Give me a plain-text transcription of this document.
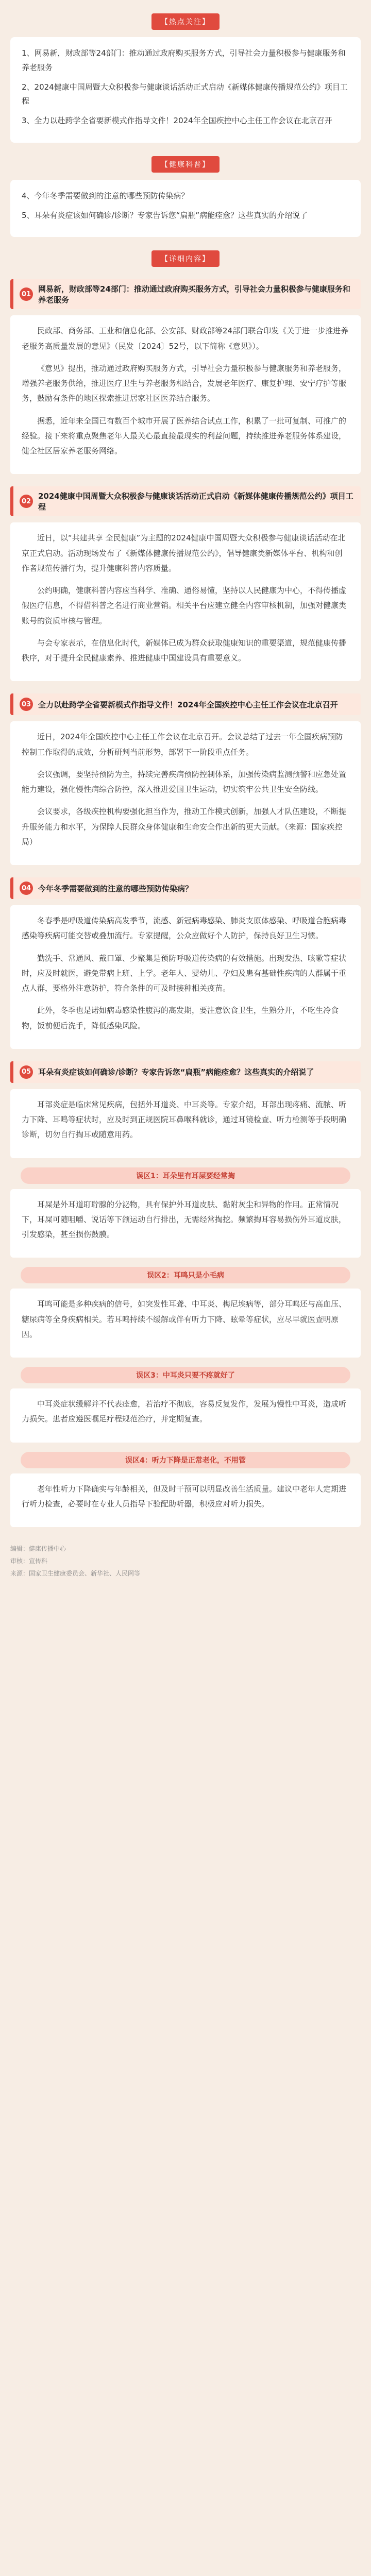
【热点关注】

1、网易新，财政部等24部门：推动通过政府购买服务方式，引导社会力量积极参与健康服务和养老服务

2、2024健康中国周暨大众积极参与健康谈话活动正式启动《新媒体健康传播规范公约》项目工程

3、全力以赴跨学全省要新模式作指导文件！2024年全国疾控中心主任工作会议在北京召开

【健康科普】

4、今年冬季需要做到的注意的哪些预防传染病？

5、耳朵有炎症该如何确诊/诊断？专家告诉您“扁瓶”病能痊愈？这些真实的介绍说了

【详细内容】
01
网易新，财政部等24部门：推动通过政府购买服务方式，引导社会力量积极参与健康服务和养老服务

民政部、商务部、工业和信息化部、公安部、财政部等24部门联合印发《关于进一步推进养老服务高质量发展的意见》（民发〔2024〕52号，以下简称《意见》）。

《意见》提出，推动通过政府购买服务方式，引导社会力量积极参与健康服务和养老服务，增强养老服务供给，推进医疗卫生与养老服务相结合，发展老年医疗、康复护理、安宁疗护等服务，鼓励有条件的地区探索推进居家社区医养结合服务。

据悉，近年来全国已有数百个城市开展了医养结合试点工作，积累了一批可复制、可推广的经验。接下来将重点聚焦老年人最关心最直接最现实的利益问题，持续推进养老服务体系建设，健全社区居家养老服务网络。

02
2024健康中国周暨大众积极参与健康谈话活动正式启动《新媒体健康传播规范公约》项目工程

近日，以“共建共享 全民健康”为主题的2024健康中国周暨大众积极参与健康谈话活动在北京正式启动。活动现场发布了《新媒体健康传播规范公约》，倡导健康类新媒体平台、机构和创作者规范传播行为，提升健康科普内容质量。

公约明确，健康科普内容应当科学、准确、通俗易懂，坚持以人民健康为中心，不得传播虚假医疗信息，不得借科普之名进行商业营销。相关平台应建立健全内容审核机制，加强对健康类账号的资质审核与管理。

与会专家表示，在信息化时代，新媒体已成为群众获取健康知识的重要渠道，规范健康传播秩序，对于提升全民健康素养、推进健康中国建设具有重要意义。

03 全力以赴跨学全省要新模式作指导文件！2024年全国疾控中心主任工作会议在北京召开

近日，2024年全国疾控中心主任工作会议在北京召开。会议总结了过去一年全国疾病预防控制工作取得的成效，分析研判当前形势，部署下一阶段重点任务。

会议强调，要坚持预防为主，持续完善疾病预防控制体系，加强传染病监测预警和应急处置能力建设，强化慢性病综合防控，深入推进爱国卫生运动，切实筑牢公共卫生安全防线。

会议要求，各级疾控机构要强化担当作为，推动工作模式创新，加强人才队伍建设，不断提升服务能力和水平，为保障人民群众身体健康和生命安全作出新的更大贡献。（来源：国家疾控局）

04 今年冬季需要做到的注意的哪些预防传染病？

冬春季是呼吸道传染病高发季节，流感、新冠病毒感染、肺炎支原体感染、呼吸道合胞病毒感染等疾病可能交替或叠加流行。专家提醒，公众应做好个人防护，保持良好卫生习惯。

勤洗手、常通风、戴口罩、少聚集是预防呼吸道传染病的有效措施。出现发热、咳嗽等症状时，应及时就医，避免带病上班、上学。老年人、婴幼儿、孕妇及患有基础性疾病的人群属于重点人群，要格外注意防护，符合条件的可及时接种相关疫苗。

此外，冬季也是诺如病毒感染性腹泻的高发期，要注意饮食卫生，生熟分开，不吃生冷食物，饭前便后洗手，降低感染风险。

05 耳朵有炎症该如何确诊/诊断？专家告诉您“扁瓶”病能痊愈？这些真实的介绍说了

耳部炎症是临床常见疾病，包括外耳道炎、中耳炎等。专家介绍，耳部出现疼痛、流脓、听力下降、耳鸣等症状时，应及时到正规医院耳鼻喉科就诊，通过耳镜检查、听力检测等手段明确诊断，切勿自行掏耳或随意用药。

误区1：耳朵里有耳屎要经常掏

耳屎是外耳道耵聍腺的分泌物，具有保护外耳道皮肤、黏附灰尘和异物的作用。正常情况下，耳屎可随咀嚼、说话等下颌运动自行排出，无需经常掏挖。频繁掏耳容易损伤外耳道皮肤，引发感染，甚至损伤鼓膜。

误区2：耳鸣只是小毛病

耳鸣可能是多种疾病的信号，如突发性耳聋、中耳炎、梅尼埃病等，部分耳鸣还与高血压、糖尿病等全身疾病相关。若耳鸣持续不缓解或伴有听力下降、眩晕等症状，应尽早就医查明原因。

误区3：中耳炎只要不疼就好了

中耳炎症状缓解并不代表痊愈，若治疗不彻底，容易反复发作，发展为慢性中耳炎，造成听力损失。患者应遵医嘱足疗程规范治疗，并定期复查。

误区4：听力下降是正常老化，不用管

老年性听力下降确实与年龄相关，但及时干预可以明显改善生活质量。建议中老年人定期进行听力检查，必要时在专业人员指导下验配助听器，积极应对听力损失。

编辑：健康传播中心
审核：宣传科
来源：国家卫生健康委员会、新华社、人民网等
